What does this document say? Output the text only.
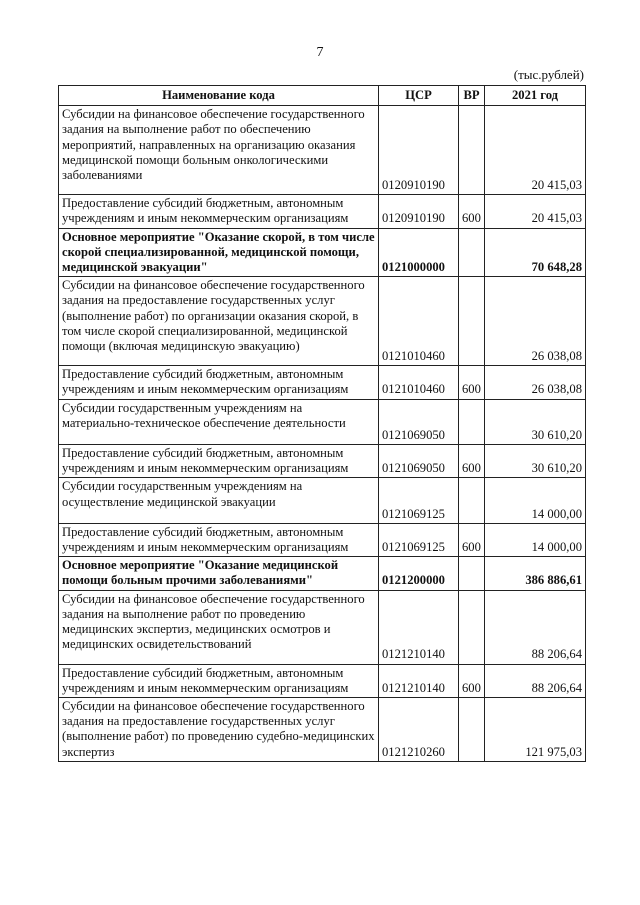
7
(тыс.рублей)
Наименование кода	ЦСР	ВР	2021 год
Субсидии на финансовое обеспечение государственного задания на выполнение работ по обеспечению мероприятий, направленных на организацию оказания медицинской помощи больным онкологическими заболеваниями	0120910190		20 415,03
Предоставление субсидий бюджетным, автономным учреждениям и иным некоммерческим организациям	0120910190	600	20 415,03
Основное мероприятие "Оказание скорой, в том числе скорой специализированной, медицинской помощи, медицинской эвакуации"	0121000000		70 648,28
Субсидии на финансовое обеспечение государственного задания на предоставление государственных услуг (выполнение работ) по организации оказания скорой, в том числе скорой специализированной, медицинской помощи (включая медицинскую эвакуацию)	0121010460		26 038,08
Предоставление субсидий бюджетным, автономным учреждениям и иным некоммерческим организациям	0121010460	600	26 038,08
Субсидии государственным учреждениям на материально-техническое обеспечение деятельности	0121069050		30 610,20
Предоставление субсидий бюджетным, автономным учреждениям и иным некоммерческим организациям	0121069050	600	30 610,20
Субсидии государственным учреждениям на осуществление медицинской эвакуации	0121069125		14 000,00
Предоставление субсидий бюджетным, автономным учреждениям и иным некоммерческим организациям	0121069125	600	14 000,00
Основное мероприятие "Оказание медицинской помощи больным прочими заболеваниями"	0121200000		386 886,61
Субсидии на финансовое обеспечение государственного задания на выполнение работ по проведению медицинских экспертиз, медицинских осмотров и медицинских освидетельствований	0121210140		88 206,64
Предоставление субсидий бюджетным, автономным учреждениям и иным некоммерческим организациям	0121210140	600	88 206,64
Субсидии на финансовое обеспечение государственного задания на предоставление государственных услуг (выполнение работ) по проведению судебно-медицинских экспертиз	0121210260		121 975,03
